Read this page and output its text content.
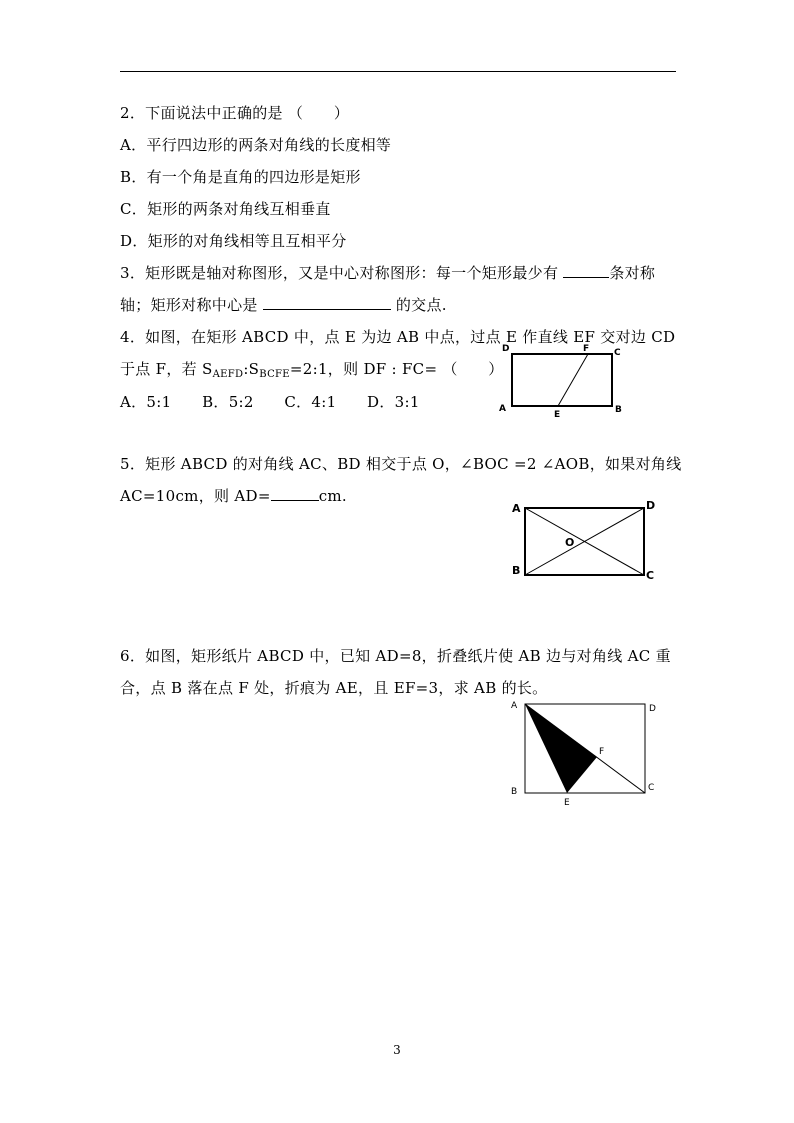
2．下面说法中正确的是 （　　）
A．平行四边形的两条对角线的长度相等
B．有一个角是直角的四边形是矩形
C．矩形的两条对角线互相垂直
D．矩形的对角线相等且互相平分
3．矩形既是轴对称图形，又是中心对称图形：每一个矩形最少有	条对称
轴；矩形对称中心是	的交点.
4．如图，在矩形 ABCD 中，点 E 为边 AB 中点，过点 E 作直线 EF 交对边 CD
于点 F，若 $S_{AEFD}:S_{BCFE}=2:1$，则 DF : FC= （　　）
A．5:1　　B．5:2　　C．4:1　　D．3:1
D	F	C
A
E	B
5．矩形 ABCD 的对角线 AC、BD 相交于点 O，∠BOC =2 ∠AOB，如果对角线
AC=10cm，则 AD=	cm.
A	D
O
B	C
6．如图，矩形纸片 ABCD 中，已知 AD=8，折叠纸片使 AB 边与对角线 AC 重
合，点 B 落在点 F 处，折痕为 AE，且 EF=3，求 AB 的长。
A	D
F
B
E
C
3
